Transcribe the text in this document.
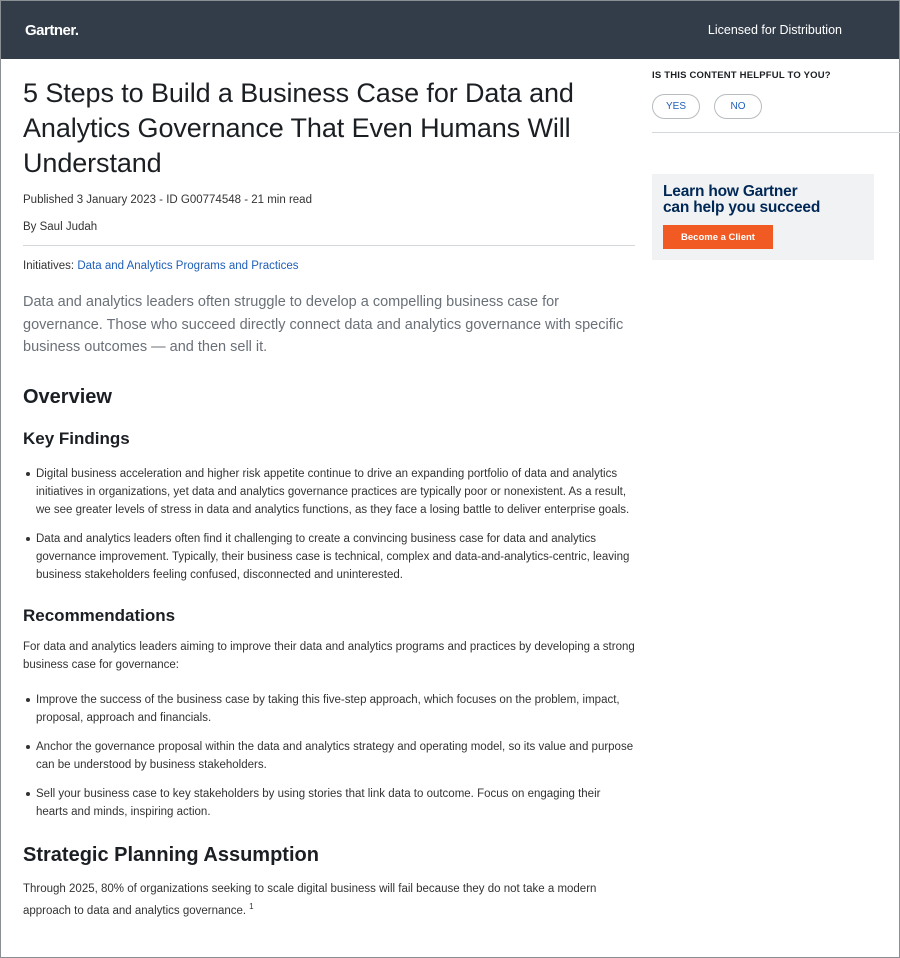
Gartner.	Licensed for Distribution
5 Steps to Build a Business Case for Data and Analytics Governance That Even Humans Will Understand
Published 3 January 2023 - ID G00774548 - 21 min read
By Saul Judah
Initiatives: Data and Analytics Programs and Practices

Data and analytics leaders often struggle to develop a compelling business case for governance. Those who succeed directly connect data and analytics governance with specific business outcomes — and then sell it.

Overview
Key Findings
Digital business acceleration and higher risk appetite continue to drive an expanding portfolio of data and analytics initiatives in organizations, yet data and analytics governance practices are typically poor or nonexistent. As a result, we see greater levels of stress in data and analytics functions, as they face a losing battle to deliver enterprise goals.
Data and analytics leaders often find it challenging to create a convincing business case for data and analytics governance improvement. Typically, their business case is technical, complex and data-and-analytics-centric, leaving business stakeholders feeling confused, disconnected and uninterested.
Recommendations

For data and analytics leaders aiming to improve their data and analytics programs and practices by developing a strong business case for governance:

Improve the success of the business case by taking this five-step approach, which focuses on the problem, impact, proposal, approach and financials.
Anchor the governance proposal within the data and analytics strategy and operating model, so its value and purpose can be understood by business stakeholders.
Sell your business case to key stakeholders by using stories that link data to outcome. Focus on engaging their hearts and minds, inspiring action.
Strategic Planning Assumption

Through 2025, 80% of organizations seeking to scale digital business will fail because they do not take a modern approach to data and analytics governance. $^1$

IS THIS CONTENT HELPFUL TO YOU?
YES	NO
Learn how Gartner
can help you succeed
Become a Client
